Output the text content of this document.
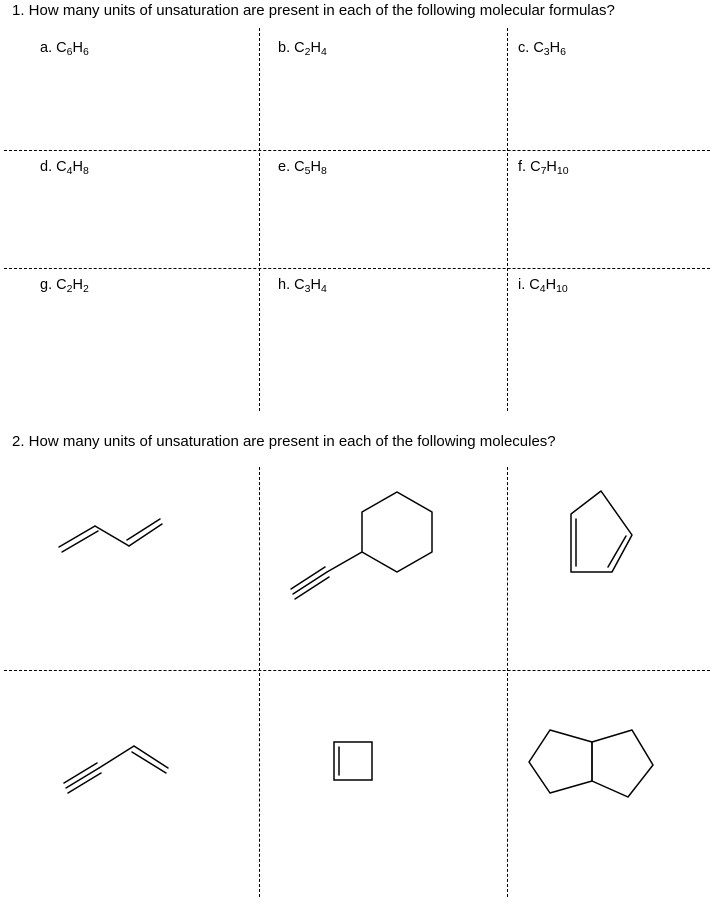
1. How many units of unsaturation are present in each of the following molecular formulas?
a. $C_6H_6$	b. $C_2H_4$	c. $C_3H_6$
d. $C_4H_8$	e. $C_5H_8$	f. $C_7H_{10}$
g. $C_2H_2$	h. $C_3H_4$	i. $C_4H_{10}$
2. How many units of unsaturation are present in each of the following molecules?
